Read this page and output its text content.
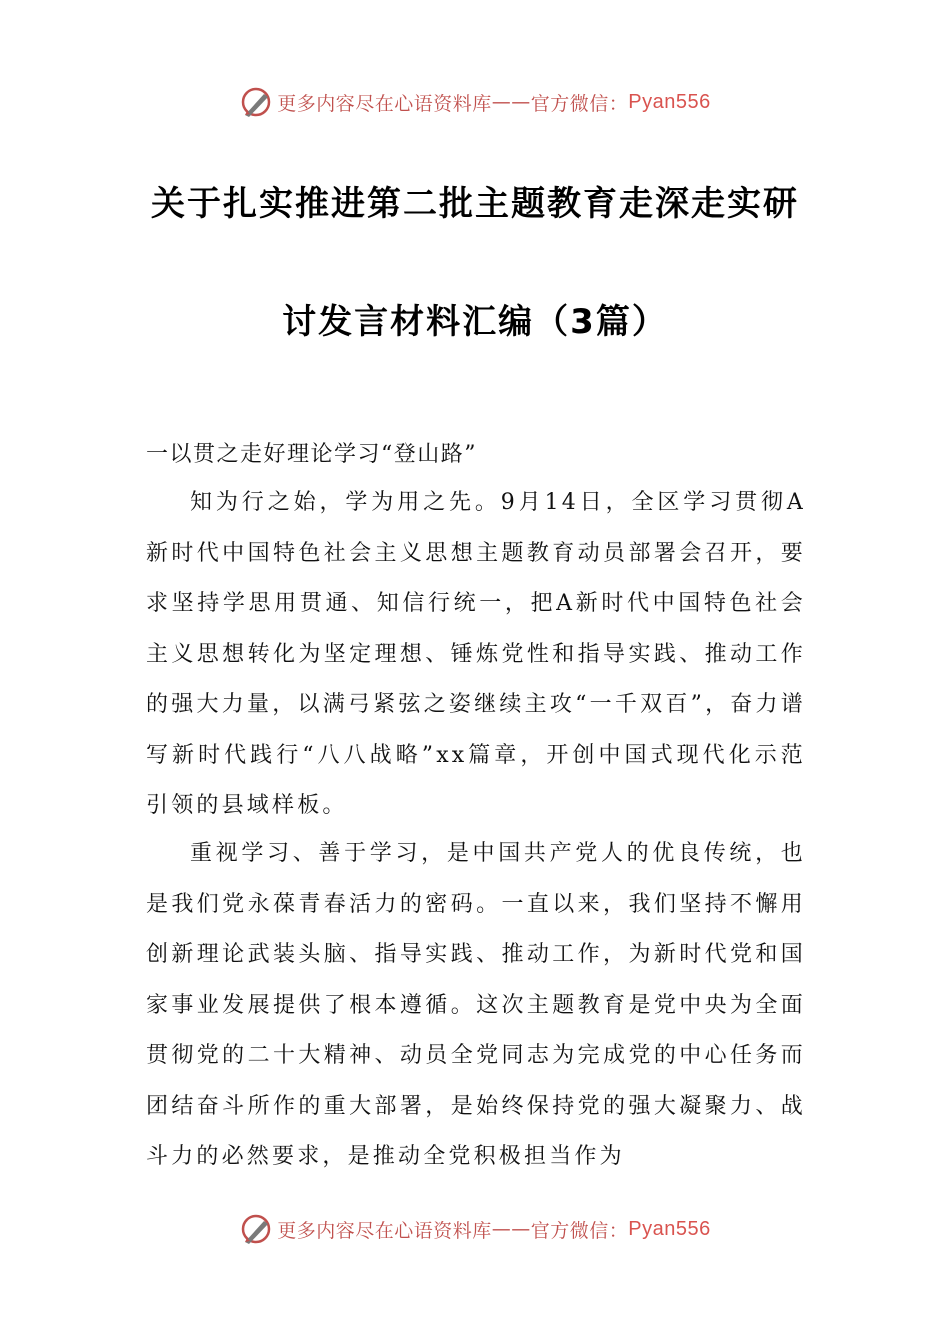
更多内容尽在心语资料库 —— 官方微信： Pyan556
关于扎实推进第二批主题教育走深走实研
讨发言材料汇编（3篇）
一以贯之走好理论学习“登山路”

知为行之始，学为用之先。9月14日，全区学习贯彻A新时代中国特色社会主义思想主题教育动员部署会召开，要求坚持学思用贯通、知信行统一，把A新时代中国特色社会主义思想转化为坚定理想、锤炼党性和指导实践、推动工作的强大力量，以满弓紧弦之姿继续主攻“一千双百”，奋力谱写新时代践行“八八战略”xx篇章，开创中国式现代化示范引领的县域样板。

重视学习、善于学习，是中国共产党人的优良传统，也是我们党永葆青春活力的密码。一直以来，我们坚持不懈用创新理论武装头脑、指导实践、推动工作，为新时代党和国家事业发展提供了根本遵循。这次主题教育是党中央为全面贯彻党的二十大精神、动员全党同志为完成党的中心任务而团结奋斗所作的重大部署，是始终保持党的强大凝聚力、战斗力的必然要求，是推动全党积极担当作为

更多内容尽在心语资料库 —— 官方微信： Pyan556
